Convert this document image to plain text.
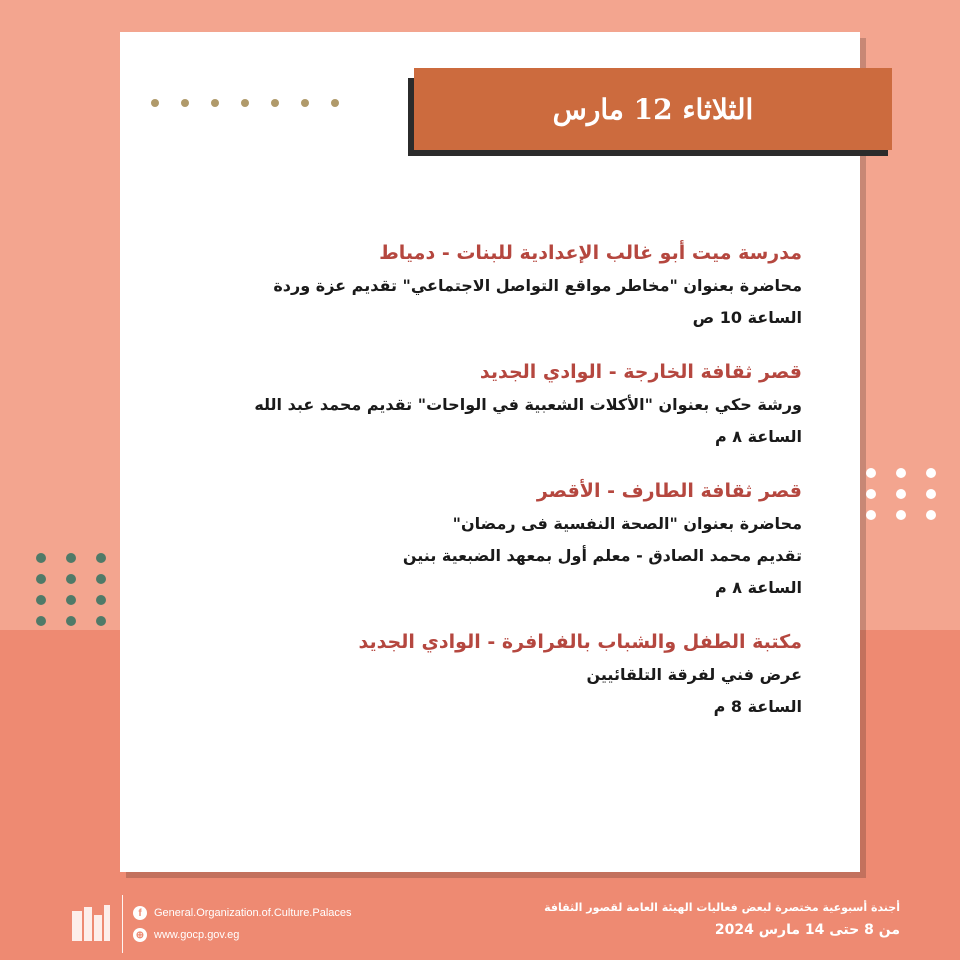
الثلاثاء 12 مارس
مدرسة ميت أبو غالب الإعدادية للبنات - دمياط
محاضرة بعنوان "مخاطر مواقع التواصل الاجتماعي" تقديم عزة وردة
الساعة 10 ص
قصر ثقافة الخارجة - الوادي الجديد
ورشة حكي بعنوان "الأكلات الشعبية في الواحات" تقديم محمد عبد الله
الساعة ٨ م
قصر ثقافة الطارف - الأقصر
محاضرة بعنوان "الصحة النفسية فى رمضان"
تقديم محمد الصادق - معلم أول بمعهد الضبعية بنين
الساعة ٨ م
مكتبة الطفل والشباب بالفرافرة - الوادي الجديد
عرض فني لفرقة التلقائيين
الساعة 8 م
f	General.Organization.of.Culture.Palaces
⊕ www.gocp.gov.eg
أجندة أسبوعية مختصرة لبعض فعاليات الهيئة العامة لقصور الثقافة
من 8 حتى 14 مارس 2024
